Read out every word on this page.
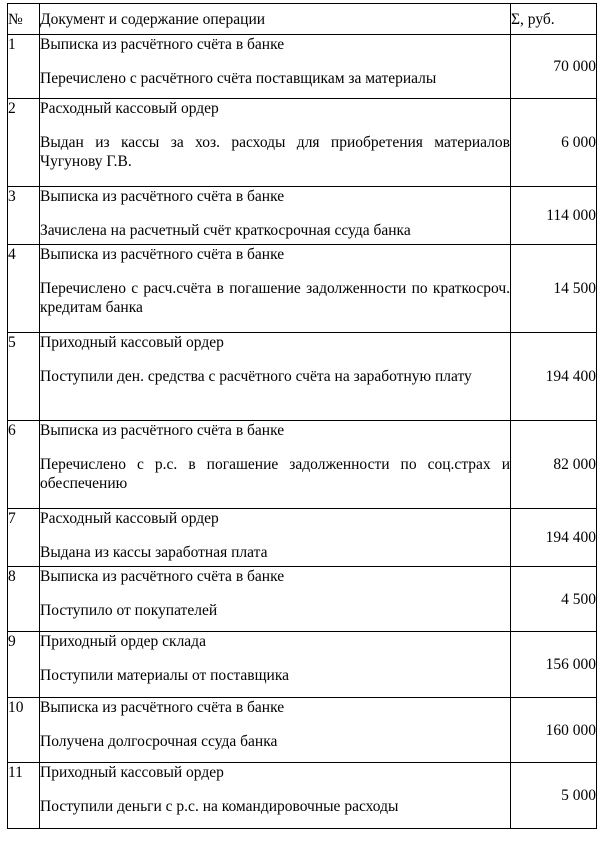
№	Документ и содержание операции	Σ, руб.
1	Выписка из расчётного счёта в банке
Перечислено с расчётного счёта поставщикам за материалы	70 000
2	Расходный кассовый ордер
Выдан из кассы за хоз. расходы для приобретения материалов Чугунову Г.В.	6 000
3	Выписка из расчётного счёта в банке
Зачислена на расчетный счёт краткосрочная ссуда банка	114 000
4	Выписка из расчётного счёта в банке
Перечислено с расч.счёта в погашение задолженности по краткосроч. кредитам банка	14 500
5	Приходный кассовый ордер
Поступили ден. средства с расчётного счёта на заработную плату	194 400
6	Выписка из расчётного счёта в банке
Перечислено с р.с. в погашение задолженности по соц.страх и обеспечению	82 000
7	Расходный кассовый ордер
Выдана из кассы заработная плата	194 400
8	Выписка из расчётного счёта в банке
Поступило от покупателей	4 500
9	Приходный ордер склада
Поступили материалы от поставщика	156 000
10	Выписка из расчётного счёта в банке
Получена долгосрочная ссуда банка	160 000
11	Приходный кассовый ордер
Поступили деньги с р.с. на командировочные расходы	5 000
